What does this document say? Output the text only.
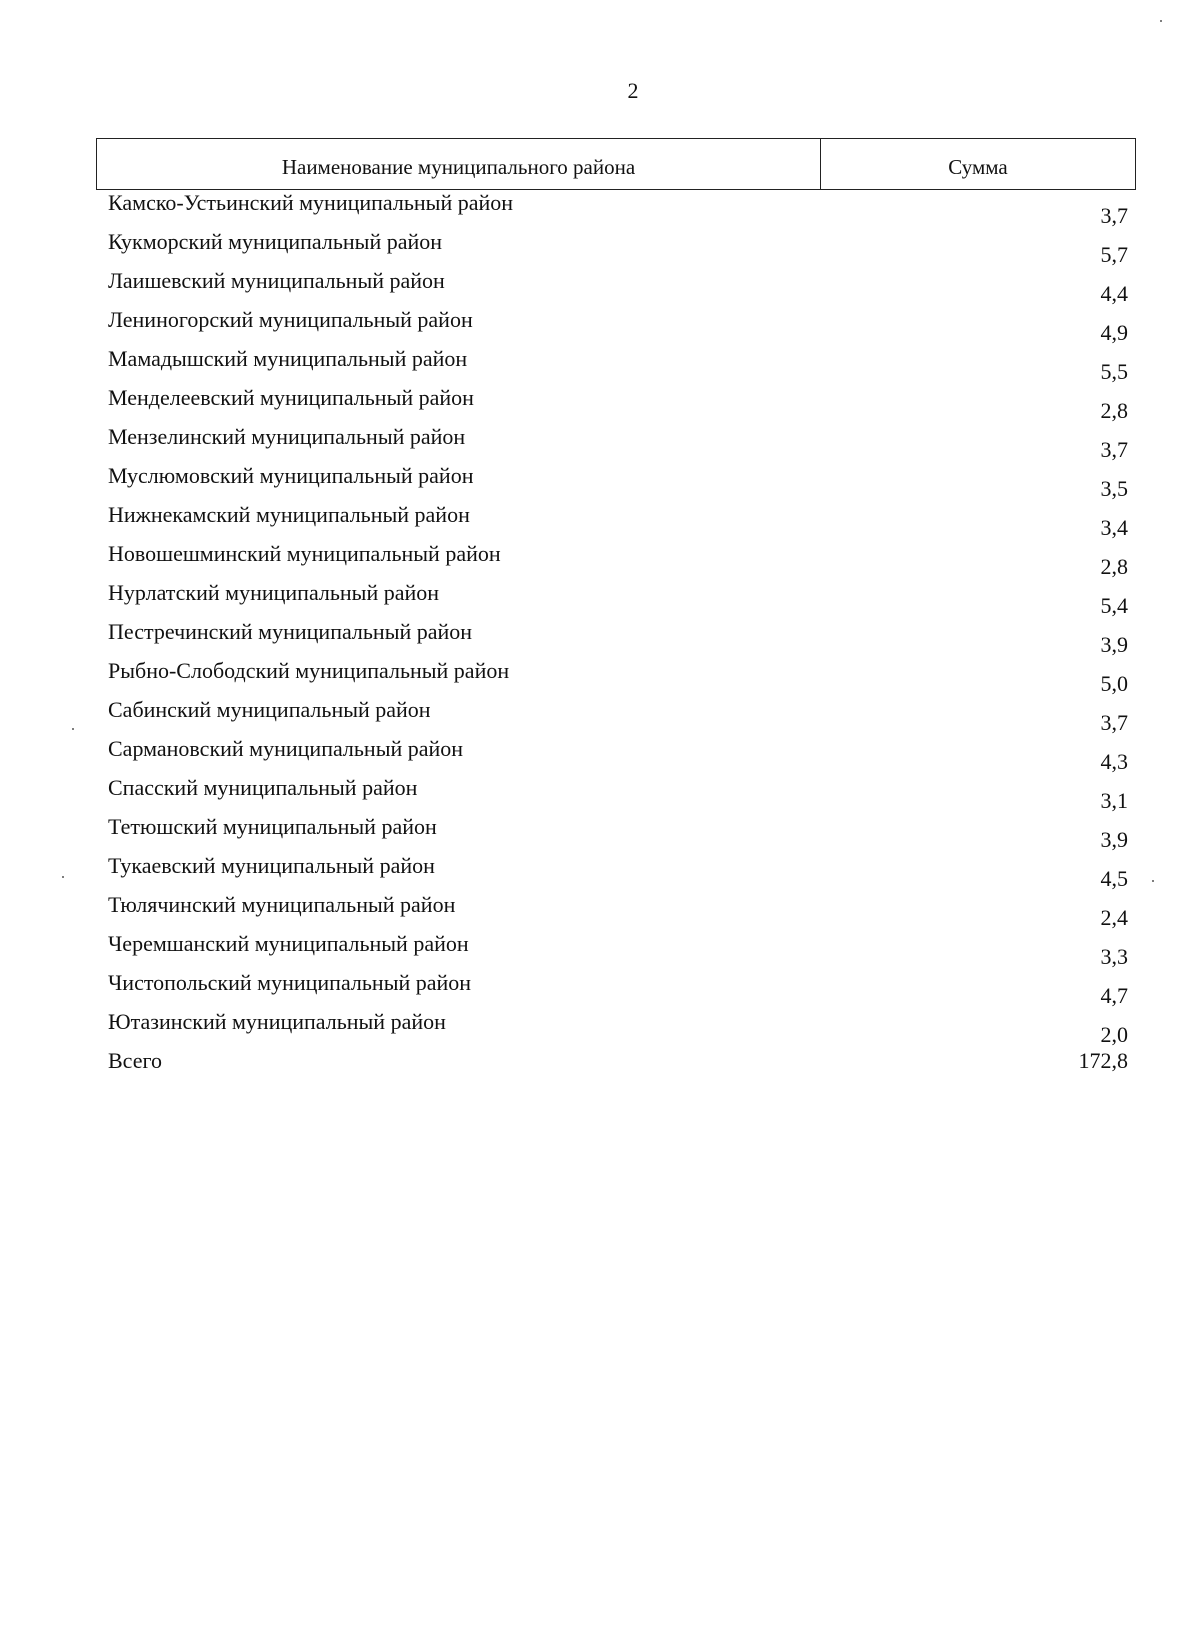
2
Наименование муниципального района	Сумма
Камско-Устьинский муниципальный район
3,7
Кукморский муниципальный район
5,7
Лаишевский муниципальный район
4,4
Лениногорский муниципальный район
4,9
Мамадышский муниципальный район
5,5
Менделеевский муниципальный район
2,8
Мензелинский муниципальный район
3,7
Муслюмовский муниципальный район
3,5
Нижнекамский муниципальный район
3,4
Новошешминский муниципальный район
2,8
Нурлатский муниципальный район
5,4
Пестречинский муниципальный район
3,9
Рыбно-Слободский муниципальный район
5,0
Сабинский муниципальный район
3,7
Сармановский муниципальный район
4,3
Спасский муниципальный район
3,1
Тетюшский муниципальный район
3,9
Тукаевский муниципальный район
4,5
Тюлячинский муниципальный район
2,4
Черемшанский муниципальный район
3,3
Чистопольский муниципальный район
4,7
Ютазинский муниципальный район
2,0
Всего	172,8
